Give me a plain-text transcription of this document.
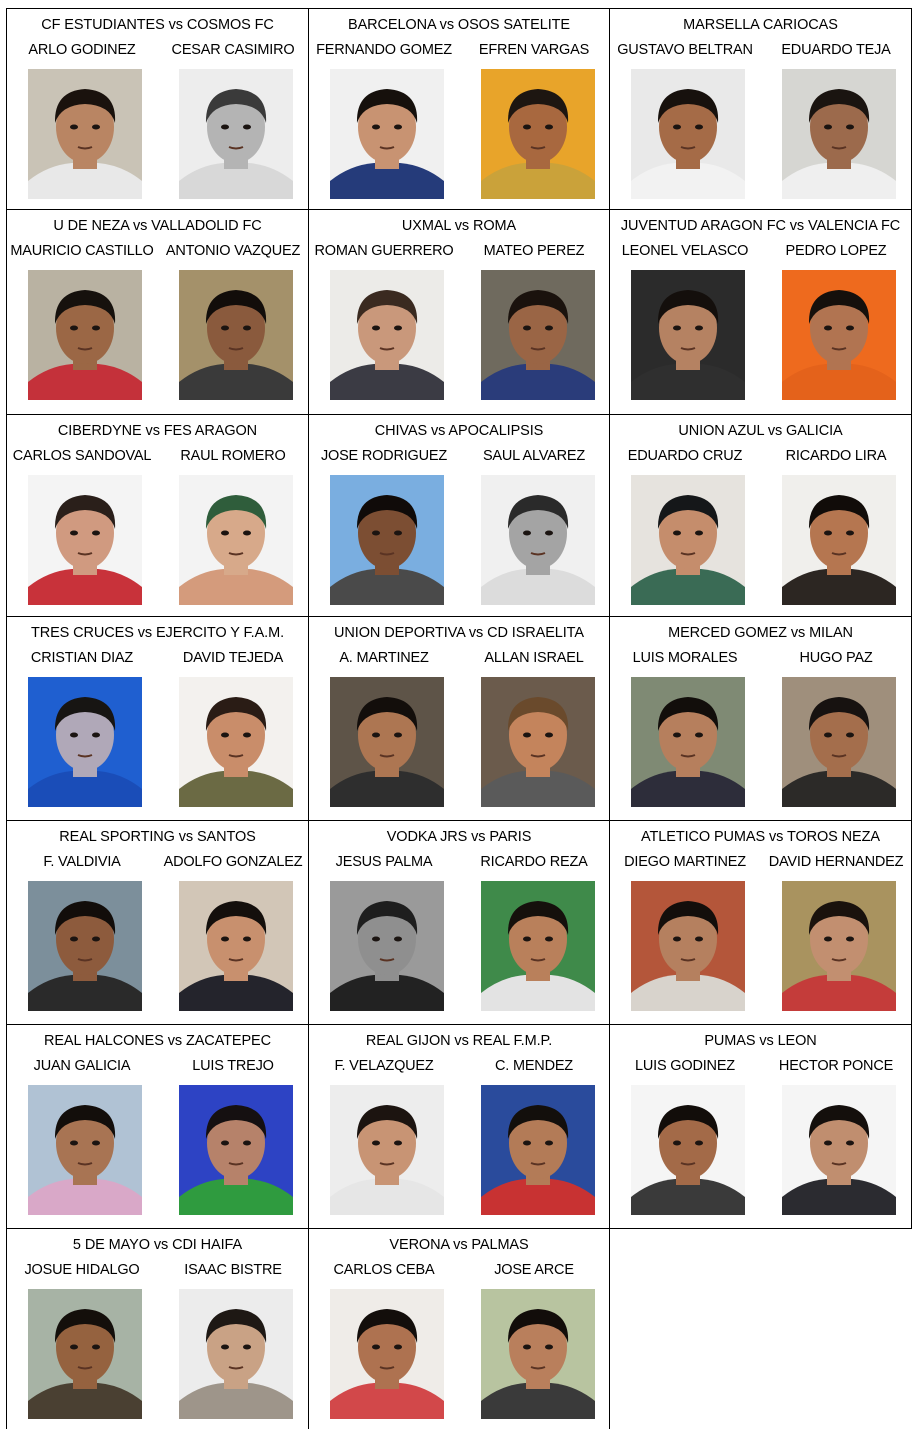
CF ESTUDIANTES vs COSMOS FC
ARLO GODINEZ	CESAR CASIMIRO
BARCELONA vs OSOS SATELITE
FERNANDO GOMEZ	EFREN VARGAS
MARSELLA CARIOCAS
GUSTAVO BELTRAN	EDUARDO TEJA
U DE NEZA vs VALLADOLID FC
MAURICIO CASTILLO ANTONIO VAZQUEZ
UXMAL vs ROMA
ROMAN GUERRERO	MATEO PEREZ
JUVENTUD ARAGON FC vs VALENCIA FC
LEONEL VELASCO	PEDRO LOPEZ
CIBERDYNE vs FES ARAGON
CARLOS SANDOVAL	RAUL ROMERO
CHIVAS vs APOCALIPSIS
JOSE RODRIGUEZ	SAUL ALVAREZ
UNION AZUL vs GALICIA
EDUARDO CRUZ	RICARDO LIRA
TRES CRUCES vs EJERCITO Y F.A.M.
CRISTIAN DIAZ	DAVID TEJEDA
UNION DEPORTIVA vs CD ISRAELITA
A. MARTINEZ	ALLAN ISRAEL
MERCED GOMEZ vs MILAN
LUIS MORALES	HUGO PAZ
REAL SPORTING vs SANTOS
F. VALDIVIA	ADOLFO GONZALEZ
VODKA JRS vs PARIS
JESUS PALMA	RICARDO REZA
ATLETICO PUMAS vs TOROS NEZA
DIEGO MARTINEZ	DAVID HERNANDEZ
REAL HALCONES vs ZACATEPEC
JUAN GALICIA	LUIS TREJO
REAL GIJON vs REAL F.M.P.
F. VELAZQUEZ	C. MENDEZ
PUMAS vs LEON
LUIS GODINEZ	HECTOR PONCE
5 DE MAYO vs CDI HAIFA
JOSUE HIDALGO	ISAAC BISTRE
VERONA vs PALMAS
CARLOS CEBA	JOSE ARCE
